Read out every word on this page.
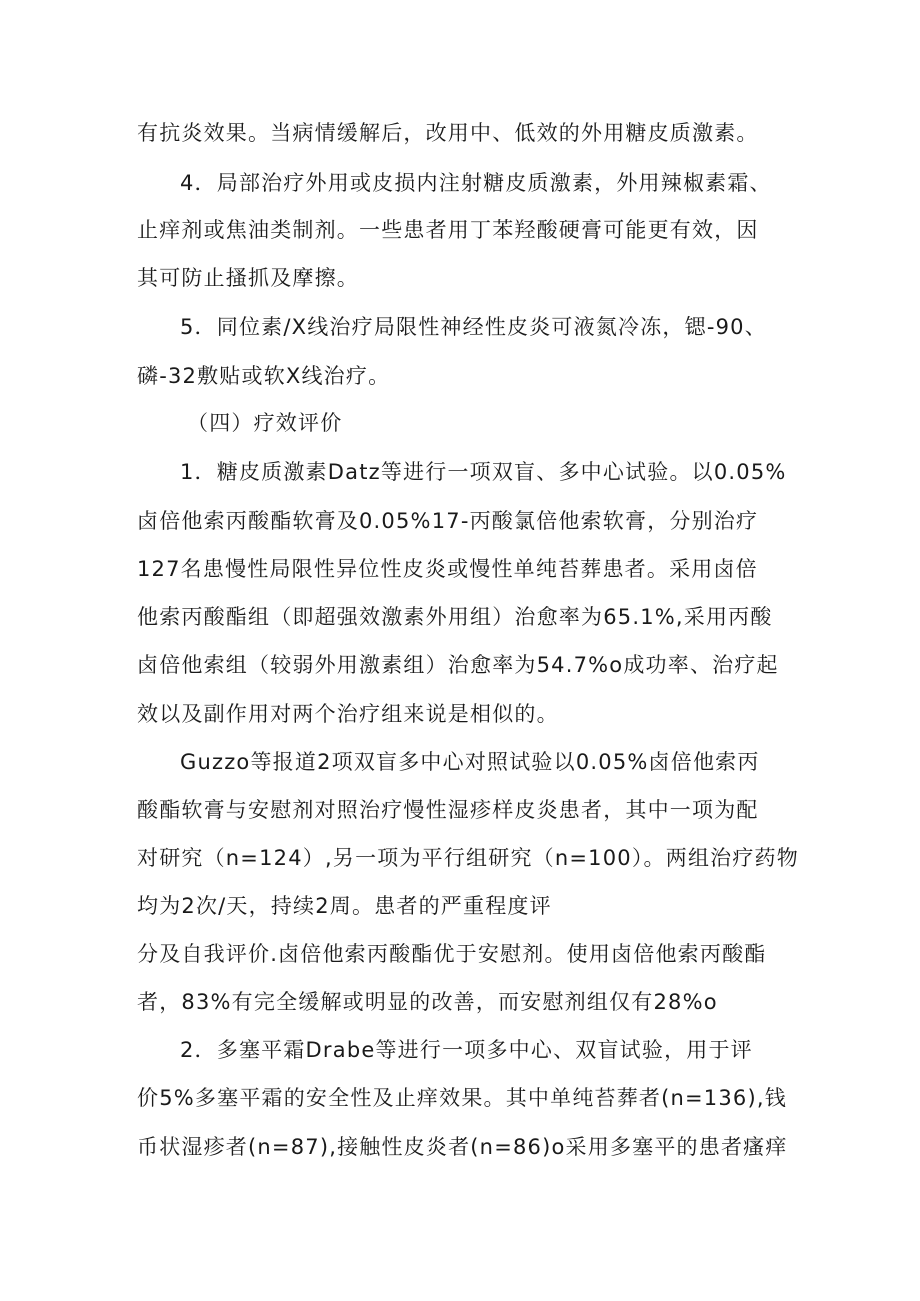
有抗炎效果。当病情缓解后，改用中、低效的外用糖皮质激素。
4．局部治疗外用或皮损内注射糖皮质激素，外用辣椒素霜、
止痒剂或焦油类制剂。一些患者用丁苯羟酸硬膏可能更有效，因
其可防止搔抓及摩擦。
5．同位素/X线治疗局限性神经性皮炎可液氮冷冻，锶-90、
磷-32敷贴或软X线治疗。
（四）疗效评价
1．糖皮质激素Datz等进行一项双盲、多中心试验。以0.05%
卤倍他索丙酸酯软膏及0.05%17-丙酸氯倍他索软膏，分别治疗
127名患慢性局限性异位性皮炎或慢性单纯苔葬患者。采用卤倍
他索丙酸酯组（即超强效激素外用组）治愈率为65.1%,采用丙酸
卤倍他索组（较弱外用激素组）治愈率为54.7%o成功率、治疗起
效以及副作用对两个治疗组来说是相似的。
Guzzo等报道2项双盲多中心对照试验以0.05%卤倍他索丙
酸酯软膏与安慰剂对照治疗慢性湿疹样皮炎患者，其中一项为配
对研究（n=124）,另一项为平行组研究（n=100）。两组治疗药物
均为2次/天，持续2周。患者的严重程度评
分及自我评价.卤倍他索丙酸酯优于安慰剂。使用卤倍他索丙酸酯
者，83%有完全缓解或明显的改善，而安慰剂组仅有28%o
2．多塞平霜Drabe等进行一项多中心、双盲试验，用于评
价5%多塞平霜的安全性及止痒效果。其中单纯苔葬者(n=136),钱
币状湿疹者(n=87),接触性皮炎者(n=86)o采用多塞平的患者瘙痒
